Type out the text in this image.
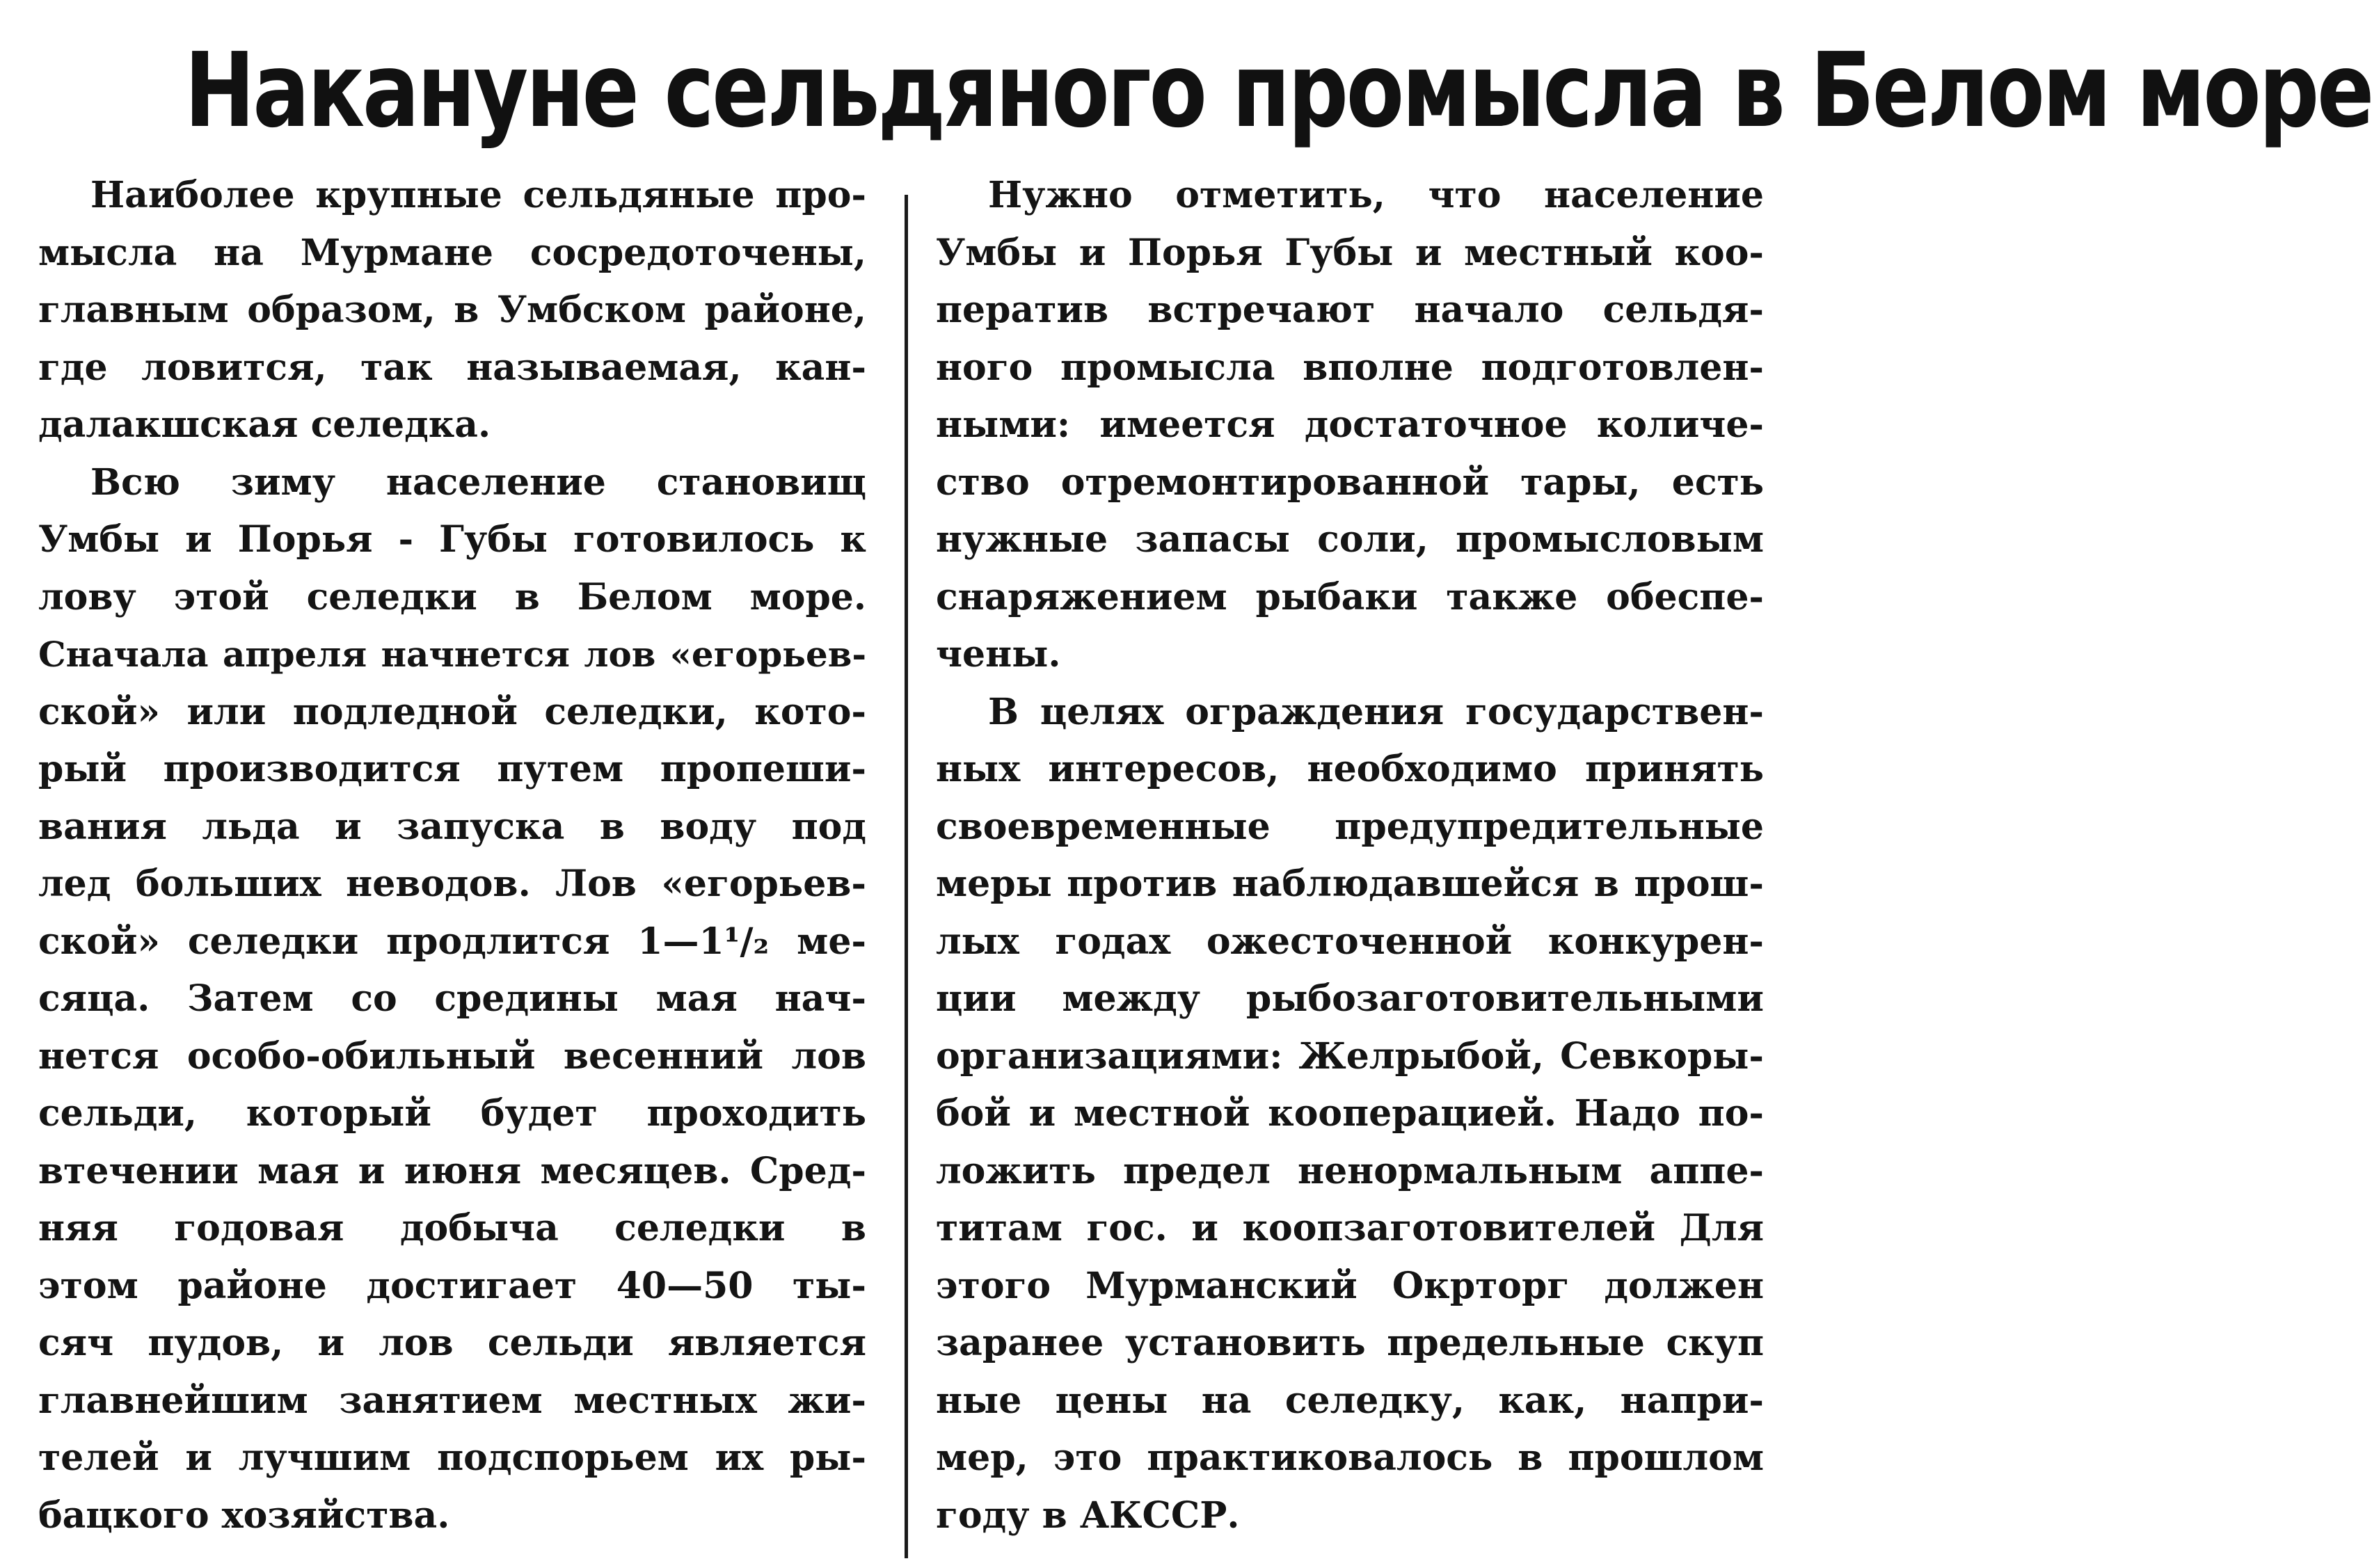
Накануне сельдяного промысла в Белом море
Наиболее крупные сельдяные про-
мысла на Мурмане сосредоточены,
главным образом, в Умбском районе,
где ловится, так называемая, кан-
далакшская селедка.
Всю зиму население становищ
Умбы и Порья - Губы готовилось к
лову этой селедки в Белом море.
Сначала апреля начнется лов «егорьев-
ской» или подледной селедки, кото-
рый производится путем пропеши-
вания льда и запуска в воду под
лед больших неводов. Лов «егорьев-
ской» селедки продлится 1—1¹/₂ ме-
сяца. Затем со средины мая нач-
нется особо-обильный весенний лов
сельди, который будет проходить
втечении мая и июня месяцев. Сред-
няя годовая добыча селедки в
этом районе достигает 40—50 ты-
сяч пудов, и лов сельди является
главнейшим занятием местных жи-
телей и лучшим подспорьем их ры-
бацкого хозяйства.
Нужно отметить, что население
Умбы и Порья Губы и местный коо-
ператив встречают начало сельдя-
ного промысла вполне подготовлен-
ными: имеется достаточное количе-
ство отремонтированной тары, есть
нужные запасы соли, промысловым
снаряжением рыбаки также обеспе-
чены.
В целях ограждения государствен-
ных интересов, необходимо принять
своевременные предупредительные
меры против наблюдавшейся в прош-
лых годах ожесточенной конкурен-
ции между рыбозаготовительными
организациями: Желрыбой, Севкоры-
бой и местной кооперацией. Надо по-
ложить предел ненормальным аппе-
титам гос. и коопзаготовителей Для
этого Мурманский Окрторг должен
заранее установить предельные скуп
ные цены на селедку, как, напри-
мер, это практиковалось в прошлом
году в АКССР.
